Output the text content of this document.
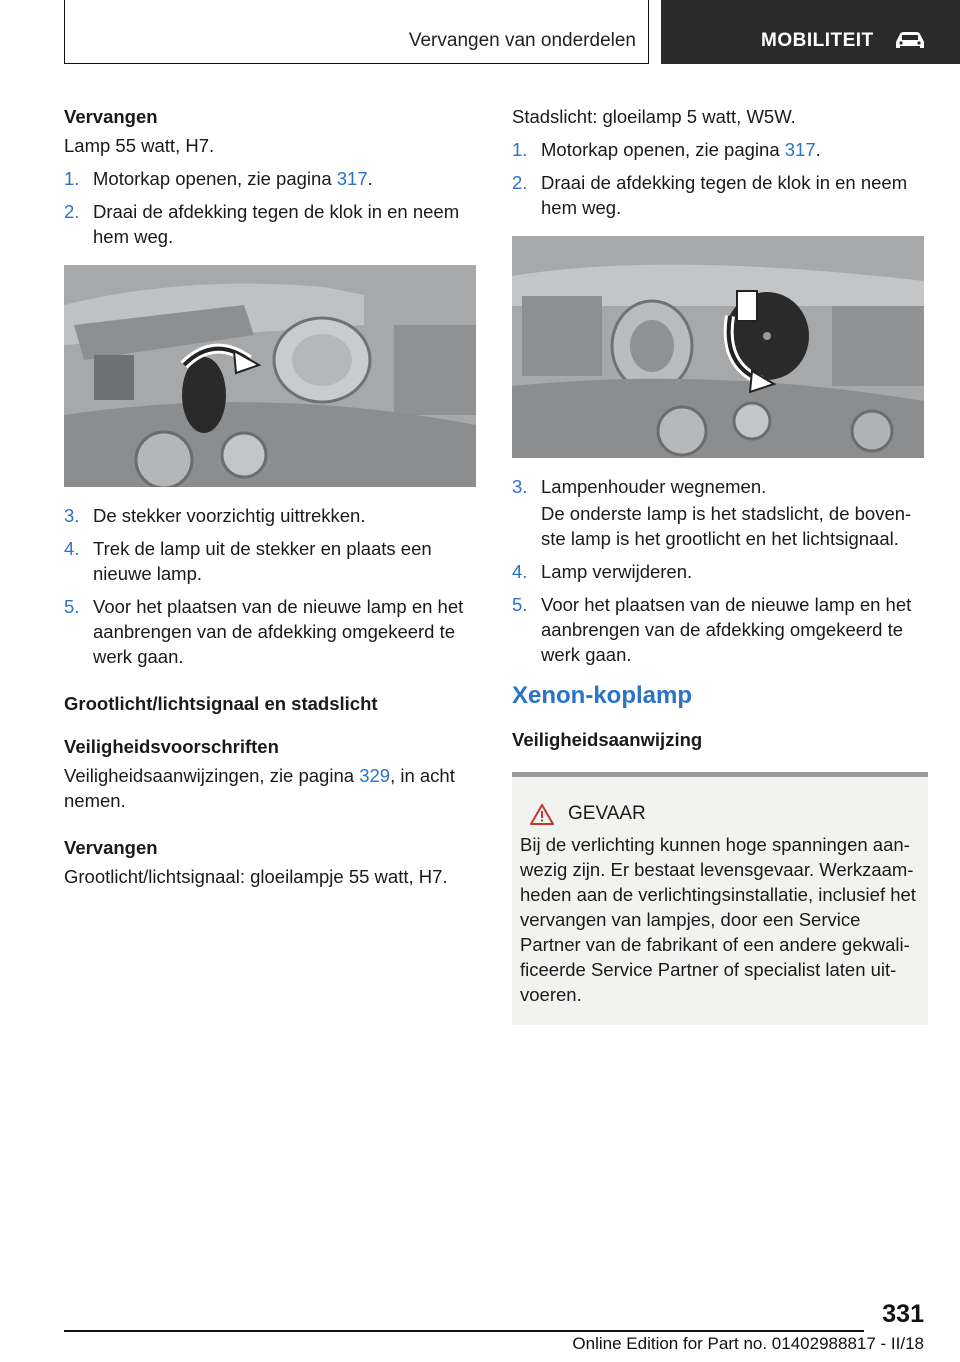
Vervangen van onderdelen	MOBILITEIT
Vervangen
Lamp 55 watt, H7.
1. Motorkap openen, zie pagina 317.
2. Draai de afdekking tegen de klok in en neem hem weg.
3. De stekker voorzichtig uittrekken.
4. Trek de lamp uit de stekker en plaats een nieuwe lamp.
5. Voor het plaatsen van de nieuwe lamp en het aanbrengen van de afdekking omgekeerd te werk gaan.
Grootlicht/lichtsignaal en stadslicht
Veiligheidsvoorschriften
Veiligheidsaanwijzingen, zie pagina 329, in acht nemen.
Vervangen
Grootlicht/lichtsignaal: gloeilampje 55 watt, H7.
Stadslicht: gloeilamp 5 watt, W5W.
1. Motorkap openen, zie pagina 317.
2. Draai de afdekking tegen de klok in en neem hem weg.
3. Lampenhouder wegnemen.
De onderste lamp is het stadslicht, de boven-ste lamp is het grootlicht en het lichtsignaal.
4. Lamp verwijderen.
5. Voor het plaatsen van de nieuwe lamp en het aanbrengen van de afdekking omgekeerd te werk gaan.
Xenon-koplamp
Veiligheidsaanwijzing
GEVAAR
Bij de verlichting kunnen hoge spanningen aan-wezig zijn. Er bestaat levensgevaar. Werkzaam-heden aan de verlichtingsinstallatie, inclusief het vervangen van lampjes, door een Service Partner van de fabrikant of een andere gekwali-ficeerde Service Partner of specialist laten uit-voeren.
331
Online Edition for Part no. 01402988817 - II/18
